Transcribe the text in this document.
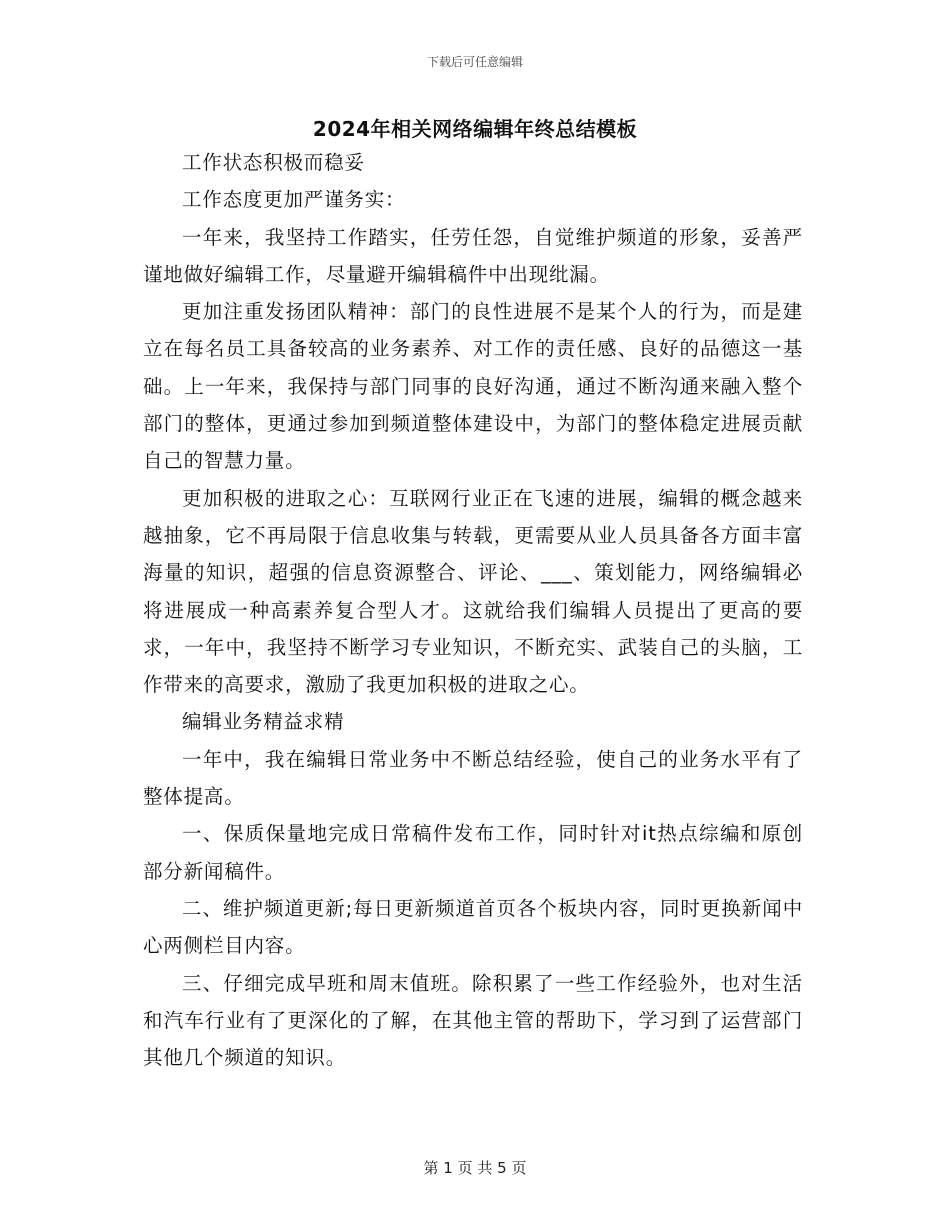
下载后可任意编辑
2024年相关网络编辑年终总结模板

工作状态积极而稳妥

工作态度更加严谨务实：

一年来，我坚持工作踏实，任劳任怨，自觉维护频道的形象，妥善严谨地做好编辑工作，尽量避开编辑稿件中出现纰漏。

更加注重发扬团队精神：部门的良性进展不是某个人的行为，而是建立在每名员工具备较高的业务素养、对工作的责任感、良好的品德这一基础。上一年来，我保持与部门同事的良好沟通，通过不断沟通来融入整个部门的整体，更通过参加到频道整体建设中，为部门的整体稳定进展贡献自己的智慧力量。

更加积极的进取之心：互联网行业正在飞速的进展，编辑的概念越来越抽象，它不再局限于信息收集与转载，更需要从业人员具备各方面丰富海量的知识，超强的信息资源整合、评论、___、策划能力，网络编辑必将进展成一种高素养复合型人才。这就给我们编辑人员提出了更高的要求，一年中，我坚持不断学习专业知识，不断充实、武装自己的头脑，工作带来的高要求，激励了我更加积极的进取之心。

编辑业务精益求精

一年中，我在编辑日常业务中不断总结经验，使自己的业务水平有了整体提高。

一、保质保量地完成日常稿件发布工作，同时针对it热点综编和原创部分新闻稿件。

二、维护频道更新;每日更新频道首页各个板块内容，同时更换新闻中心两侧栏目内容。

三、仔细完成早班和周末值班。除积累了一些工作经验外，也对生活和汽车行业有了更深化的了解，在其他主管的帮助下，学习到了运营部门其他几个频道的知识。

第 1 页 共 5 页
